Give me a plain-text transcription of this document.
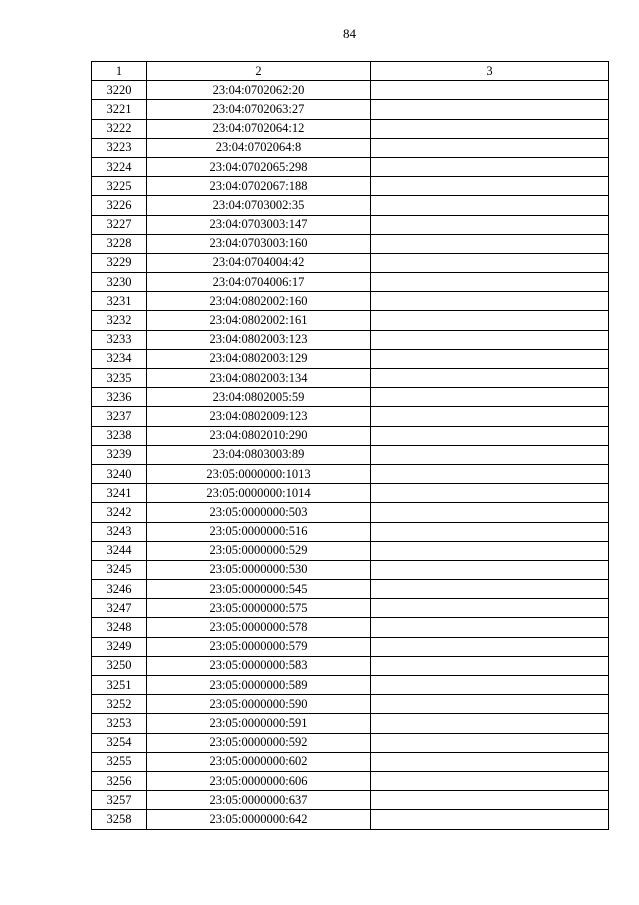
84
1	2	3
3220	23:04:0702062:20	
3221	23:04:0702063:27	
3222	23:04:0702064:12	
3223	23:04:0702064:8	
3224	23:04:0702065:298	
3225	23:04:0702067:188	
3226	23:04:0703002:35	
3227	23:04:0703003:147	
3228	23:04:0703003:160	
3229	23:04:0704004:42	
3230	23:04:0704006:17	
3231	23:04:0802002:160	
3232	23:04:0802002:161	
3233	23:04:0802003:123	
3234	23:04:0802003:129	
3235	23:04:0802003:134	
3236	23:04:0802005:59	
3237	23:04:0802009:123	
3238	23:04:0802010:290	
3239	23:04:0803003:89	
3240	23:05:0000000:1013	
3241	23:05:0000000:1014	
3242	23:05:0000000:503	
3243	23:05:0000000:516	
3244	23:05:0000000:529	
3245	23:05:0000000:530	
3246	23:05:0000000:545	
3247	23:05:0000000:575	
3248	23:05:0000000:578	
3249	23:05:0000000:579	
3250	23:05:0000000:583	
3251	23:05:0000000:589	
3252	23:05:0000000:590	
3253	23:05:0000000:591	
3254	23:05:0000000:592	
3255	23:05:0000000:602	
3256	23:05:0000000:606	
3257	23:05:0000000:637	
3258	23:05:0000000:642	
